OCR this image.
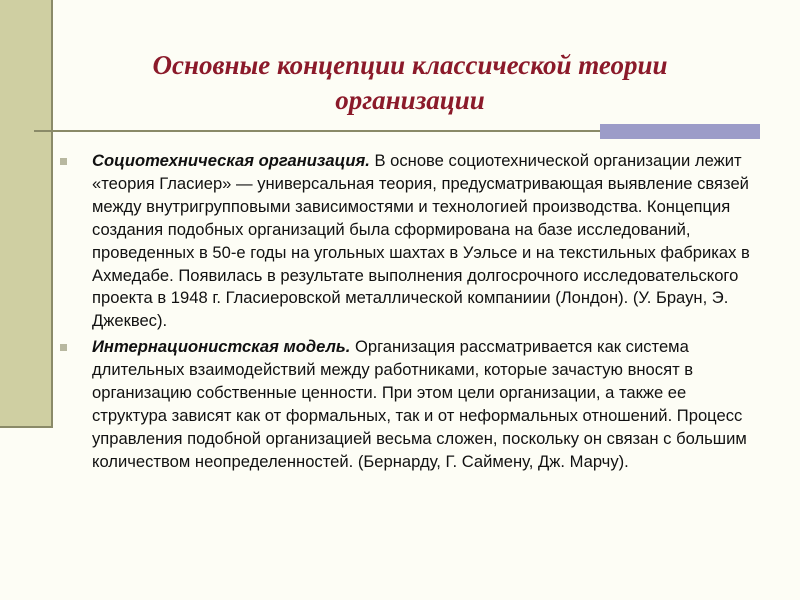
Основные концепции классической теории
организации
Социотехническая организация. В основе социотехнической организации лежит «теория Гласиер» — универсальная теория, предусматривающая выявление связей между внутригрупповыми зависимостями и технологией производства. Концепция создания подобных организаций была сформирована на базе исследований, проведенных в 50-е годы на угольных шахтах в Уэльсе и на текстильных фабриках в Ахмедабе. Появилась в результате выполнения долгосрочного исследовательского проекта в 1948 г. Гласиеровской металлической компаниии (Лондон). (У. Браун, Э. Джеквес).
Интернационистская модель. Организация рассматривается как система длительных взаимодействий между работниками, которые зачастую вносят в организацию собственные ценности. При этом цели организации, а также ее структура зависят как от формальных, так и от неформальных отношений. Процесс управления подобной организацией весьма сложен, поскольку он связан с большим количеством неопределенностей. (Бернарду, Г. Саймену, Дж. Марчу).
